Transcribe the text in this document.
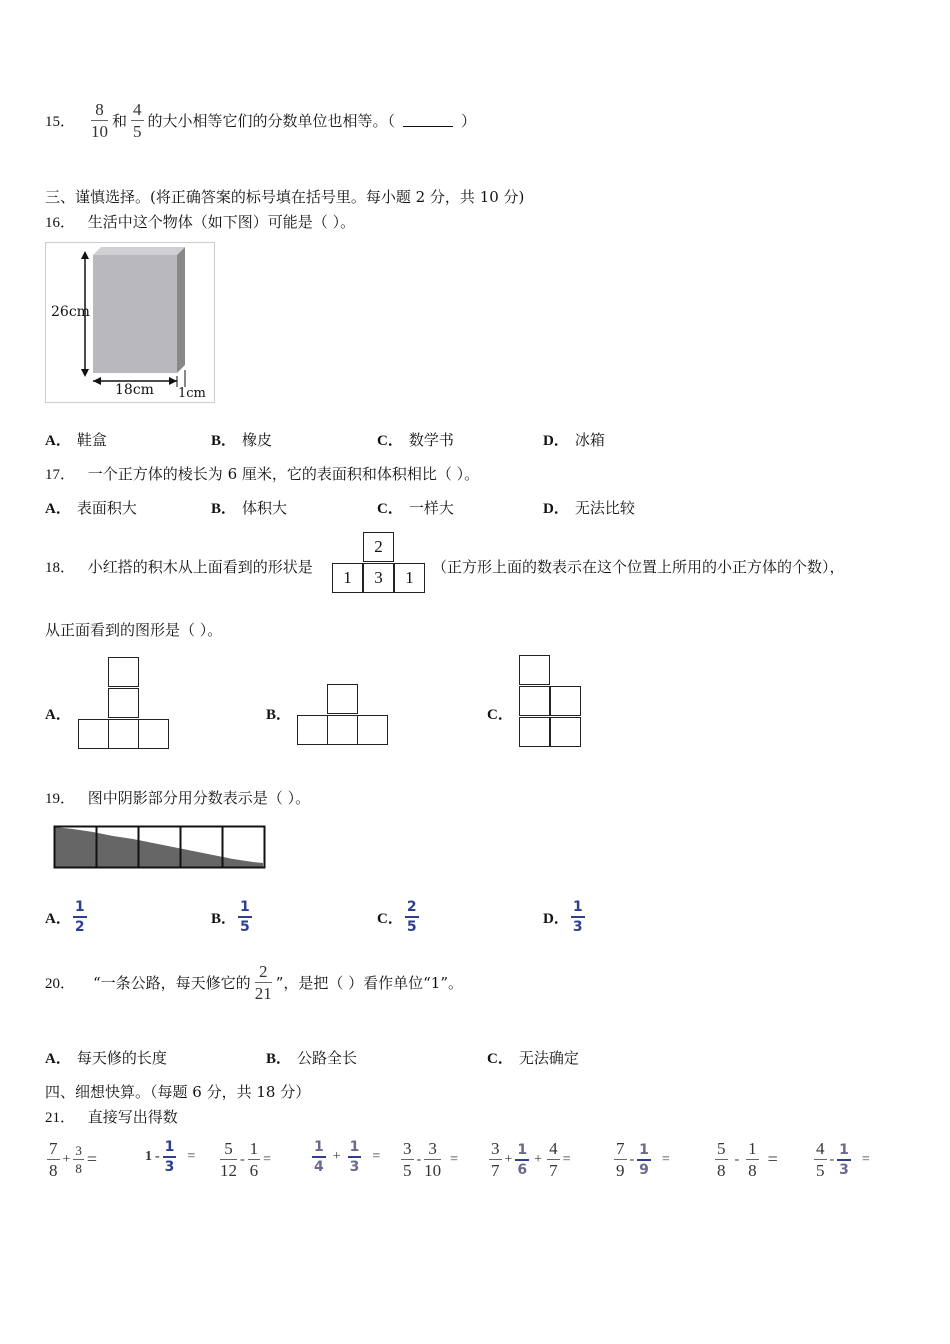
15． $\frac{8}{10}$ 和 $\frac{4}{5}$ 的大小相等它们的分数单位也相等。（	）
三、谨慎选择。(将正确答案的标号填在括号里。每小题 2 分，共 10 分)
16． 生活中这个物体（如下图）可能是（ ）。
26cm
18cm 1cm
A． 鞋盒	B． 橡皮	C． 数学书	D． 冰箱
17． 一个正方体的棱长为 6 厘米，它的表面积和体积相比（ ）。
A． 表面积大	B． 体积大	C． 一样大	D． 无法比较
18． 小红搭的积木从上面看到的形状是
2
1	3	1
（正方形上面的数表示在这个位置上所用的小正方体的个数），
从正面看到的图形是（ ）。
A．	B．	C．
19． 图中阴影部分用分数表示是（ ）。
A． $\frac{1}{2}$	B． $\frac{1}{5}$	C． $\frac{2}{5}$	D． $\frac{1}{3}$
20． “一条公路，每天修它的 $\frac{2}{21}$ ”，是把（ ）看作单位“1”。
A． 每天修的长度	B． 公路全长	C． 无法确定
四、细想快算。（每题 6 分，共 18 分）
21． 直接写出得数
$\frac{7}{8} + \frac{3}{8}$ =	$1 - \frac{1}{3} = \frac{5}{12} - \frac{1}{6}$ =	$\frac{1}{4} + \frac{1}{3} = \frac{3}{5} - \frac{3}{10} = \frac{3}{7} + \frac{1}{6} + \frac{4}{7}$ =	$\frac{7}{9} - \frac{1}{9}$ =	$\frac{5}{8} - \frac{1}{8} = \frac{4}{5} - \frac{1}{3}$ =
